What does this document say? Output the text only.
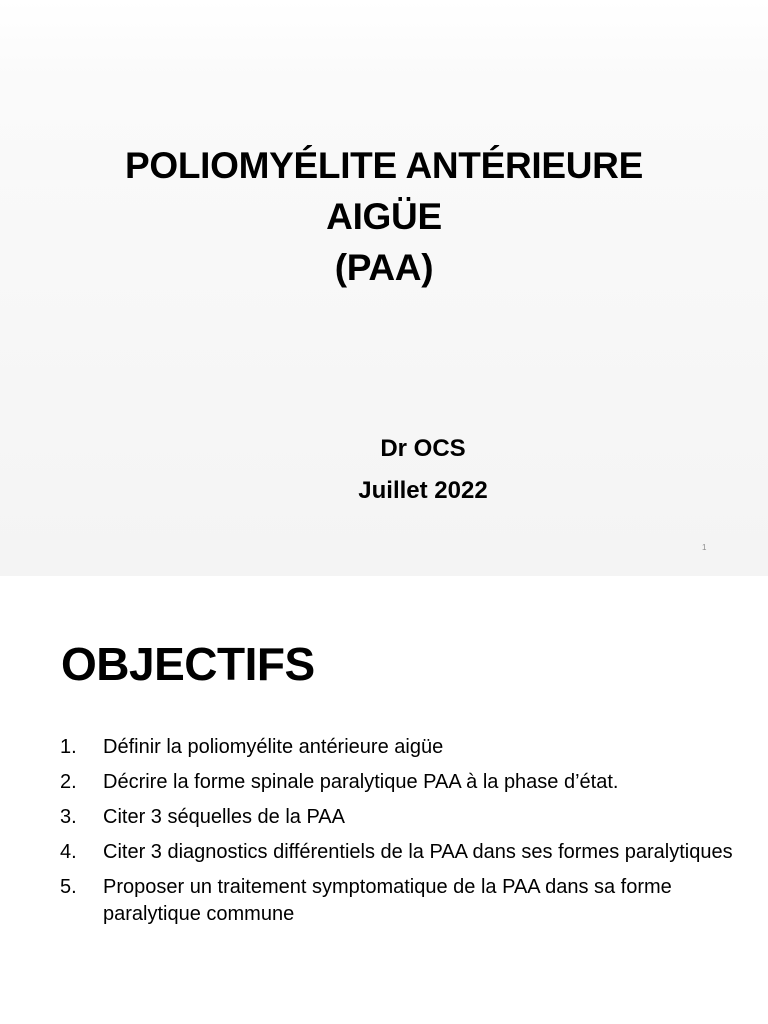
POLIOMYÉLITE ANTÉRIEURE
AIGÜE
(PAA)
Dr OCS
Juillet 2022
1
OBJECTIFS
1. Définir la poliomyélite antérieure aigüe
2. Décrire la forme spinale paralytique PAA à la phase d’état.
3. Citer 3 séquelles de la PAA
4. Citer 3 diagnostics différentiels de la PAA dans ses formes paralytiques
5. Proposer un traitement symptomatique de la PAA dans sa forme paralytique commune
